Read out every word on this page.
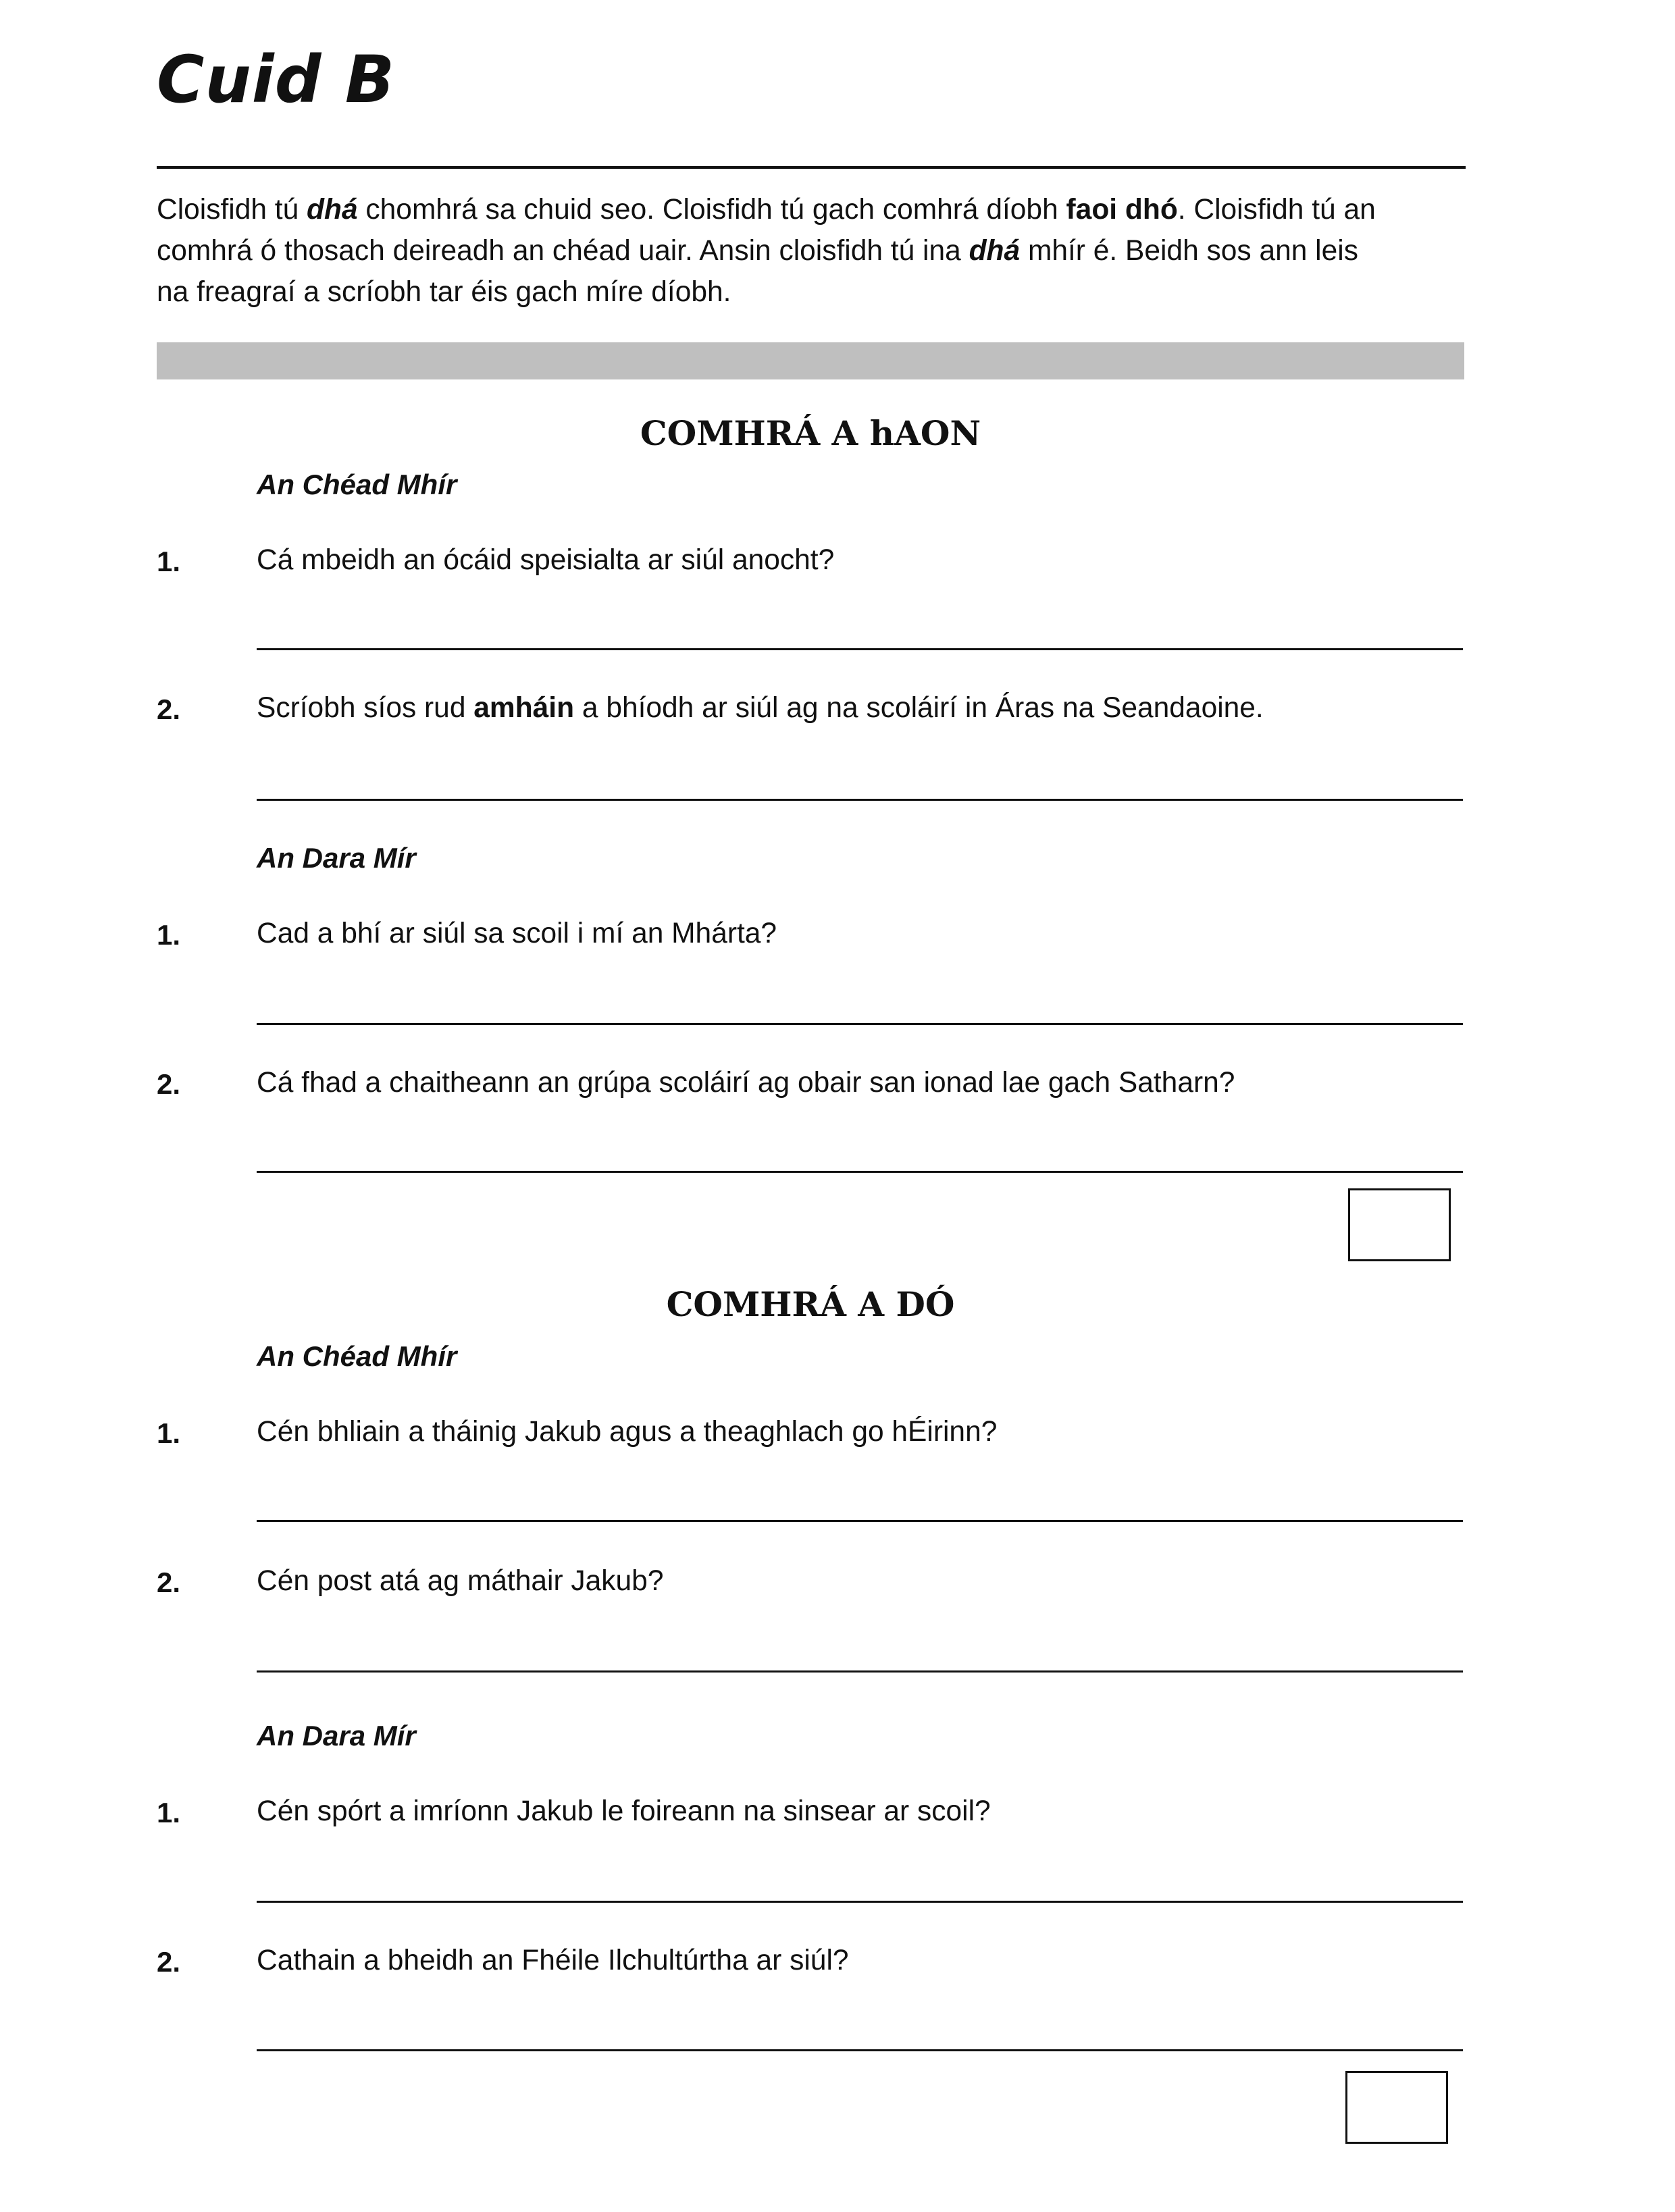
Cuid B

Cloisfidh tú dhá chomhrá sa chuid seo. Cloisfidh tú gach comhrá díobh faoi dhó. Cloisfidh tú an

comhrá ó thosach deireadh an chéad uair. Ansin cloisfidh tú ina dhá mhír é. Beidh sos ann leis

na freagraí a scríobh tar éis gach míre díobh.

COMHRÁ A hAON
An Chéad Mhír
1.	Cá mbeidh an ócáid speisialta ar siúl anocht?
2.	Scríobh síos rud amháin a bhíodh ar siúl ag na scoláirí in Áras na Seandaoine.
An Dara Mír
1.	Cad a bhí ar siúl sa scoil i mí an Mhárta?
2.	Cá fhad a chaitheann an grúpa scoláirí ag obair san ionad lae gach Satharn?
COMHRÁ A DÓ
An Chéad Mhír
1.	Cén bhliain a tháinig Jakub agus a theaghlach go hÉirinn?
2.	Cén post atá ag máthair Jakub?
An Dara Mír
1.	Cén spórt a imríonn Jakub le foireann na sinsear ar scoil?
2.	Cathain a bheidh an Fhéile Ilchultúrtha ar siúl?
